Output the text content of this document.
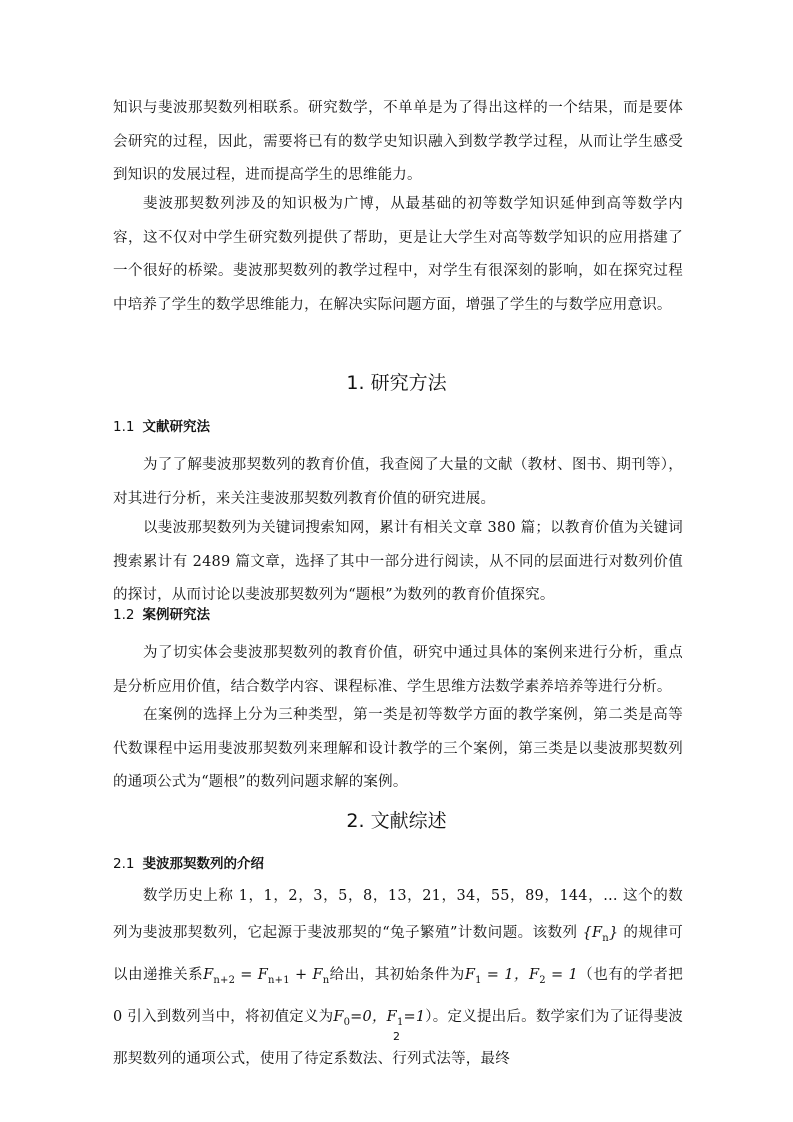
知识与斐波那契数列相联系。研究数学，不单单是为了得出这样的一个结果，而是要体会研究的过程，因此，需要将已有的数学史知识融入到数学教学过程，从而让学生感受到知识的发展过程，进而提高学生的思维能力。

斐波那契数列涉及的知识极为广博，从最基础的初等数学知识延伸到高等数学内容，这不仅对中学生研究数列提供了帮助，更是让大学生对高等数学知识的应用搭建了一个很好的桥梁。斐波那契数列的教学过程中，对学生有很深刻的影响，如在探究过程中培养了学生的数学思维能力，在解决实际问题方面，增强了学生的与数学应用意识。

1. 研究方法
1.1 文献研究法

为了了解斐波那契数列的教育价值，我查阅了大量的文献（教材、图书、期刊等），对其进行分析，来关注斐波那契数列教育价值的研究进展。

以斐波那契数列为关键词搜索知网，累计有相关文章 380 篇；以教育价值为关键词搜索累计有 2489 篇文章，选择了其中一部分进行阅读，从不同的层面进行对数列价值的探讨，从而讨论以斐波那契数列为“题根”为数列的教育价值探究。

1.2 案例研究法

为了切实体会斐波那契数列的教育价值，研究中通过具体的案例来进行分析，重点是分析应用价值，结合数学内容、课程标准、学生思维方法数学素养培养等进行分析。

在案例的选择上分为三种类型，第一类是初等数学方面的教学案例，第二类是高等代数课程中运用斐波那契数列来理解和设计教学的三个案例，第三类是以斐波那契数列的通项公式为“题根”的数列问题求解的案例。

2. 文献综述
2.1 斐波那契数列的介绍

数学历史上称 1，1，2，3，5，8，13，21，34，55，89，144，… 这个的数列为斐波那契数列，它起源于斐波那契的“兔子繁殖”计数问题。该数列 $\{F_n\}$ 的规律可以由递推关系$F_{n+2} = F_{n+1} + F_n$给出，其初始条件为$F_1 = 1$，$F_2 = 1$（也有的学者把 0 引入到数列当中，将初值定义为$F_0=0$，$F_1=1$）。定义提出后。数学家们为了证得斐波那契数列的通项公式，使用了待定系数法、行列式法等，最终

2
